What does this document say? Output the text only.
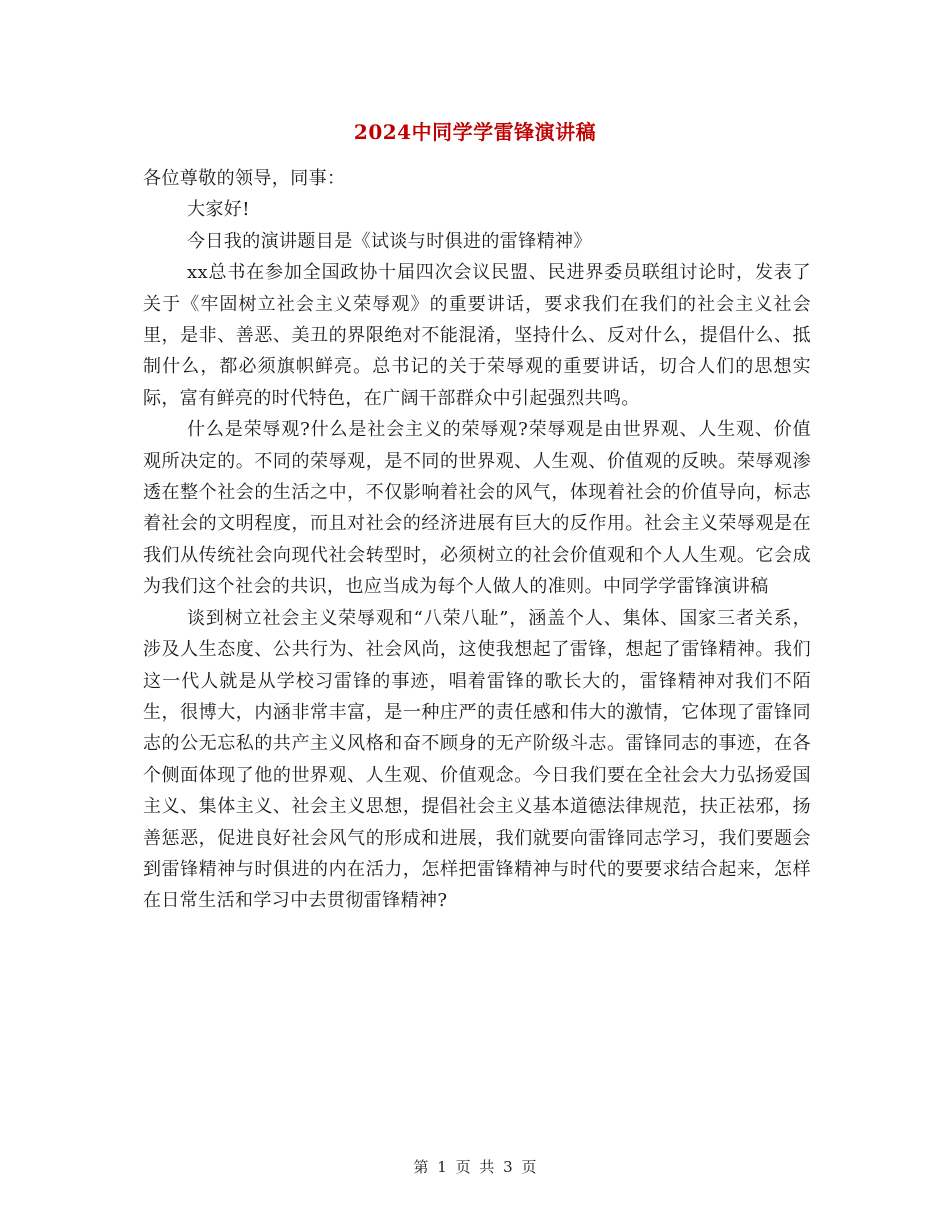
2024中同学学雷锋演讲稿

各位尊敬的领导，同事：

大家好!

今日我的演讲题目是《试谈与时俱进的雷锋精神》

xx总书在参加全国政协十届四次会议民盟、民进界委员联组讨论时，发表了关于《牢固树立社会主义荣辱观》的重要讲话，要求我们在我们的社会主义社会里，是非、善恶、美丑的界限绝对不能混淆，坚持什么、反对什么，提倡什么、抵制什么，都必须旗帜鲜亮。总书记的关于荣辱观的重要讲话，切合人们的思想实际，富有鲜亮的时代特色，在广阔干部群众中引起强烈共鸣。

什么是荣辱观?什么是社会主义的荣辱观?荣辱观是由世界观、人生观、价值观所决定的。不同的荣辱观，是不同的世界观、人生观、价值观的反映。荣辱观渗透在整个社会的生活之中，不仅影响着社会的风气，体现着社会的价值导向，标志着社会的文明程度，而且对社会的经济进展有巨大的反作用。社会主义荣辱观是在我们从传统社会向现代社会转型时，必须树立的社会价值观和个人人生观。它会成为我们这个社会的共识，也应当成为每个人做人的准则。中同学学雷锋演讲稿

谈到树立社会主义荣辱观和“八荣八耻”，涵盖个人、集体、国家三者关系，涉及人生态度、公共行为、社会风尚，这使我想起了雷锋，想起了雷锋精神。我们这一代人就是从学校习雷锋的事迹，唱着雷锋的歌长大的，雷锋精神对我们不陌生，很博大，内涵非常丰富，是一种庄严的责任感和伟大的激情，它体现了雷锋同志的公无忘私的共产主义风格和奋不顾身的无产阶级斗志。雷锋同志的事迹，在各个侧面体现了他的世界观、人生观、价值观念。今日我们要在全社会大力弘扬爱国主义、集体主义、社会主义思想，提倡社会主义基本道德法律规范，扶正祛邪，扬善惩恶，促进良好社会风气的形成和进展，我们就要向雷锋同志学习，我们要题会到雷锋精神与时俱进的内在活力，怎样把雷锋精神与时代的要要求结合起来，怎样在日常生活和学习中去贯彻雷锋精神?

第 1 页 共 3 页
